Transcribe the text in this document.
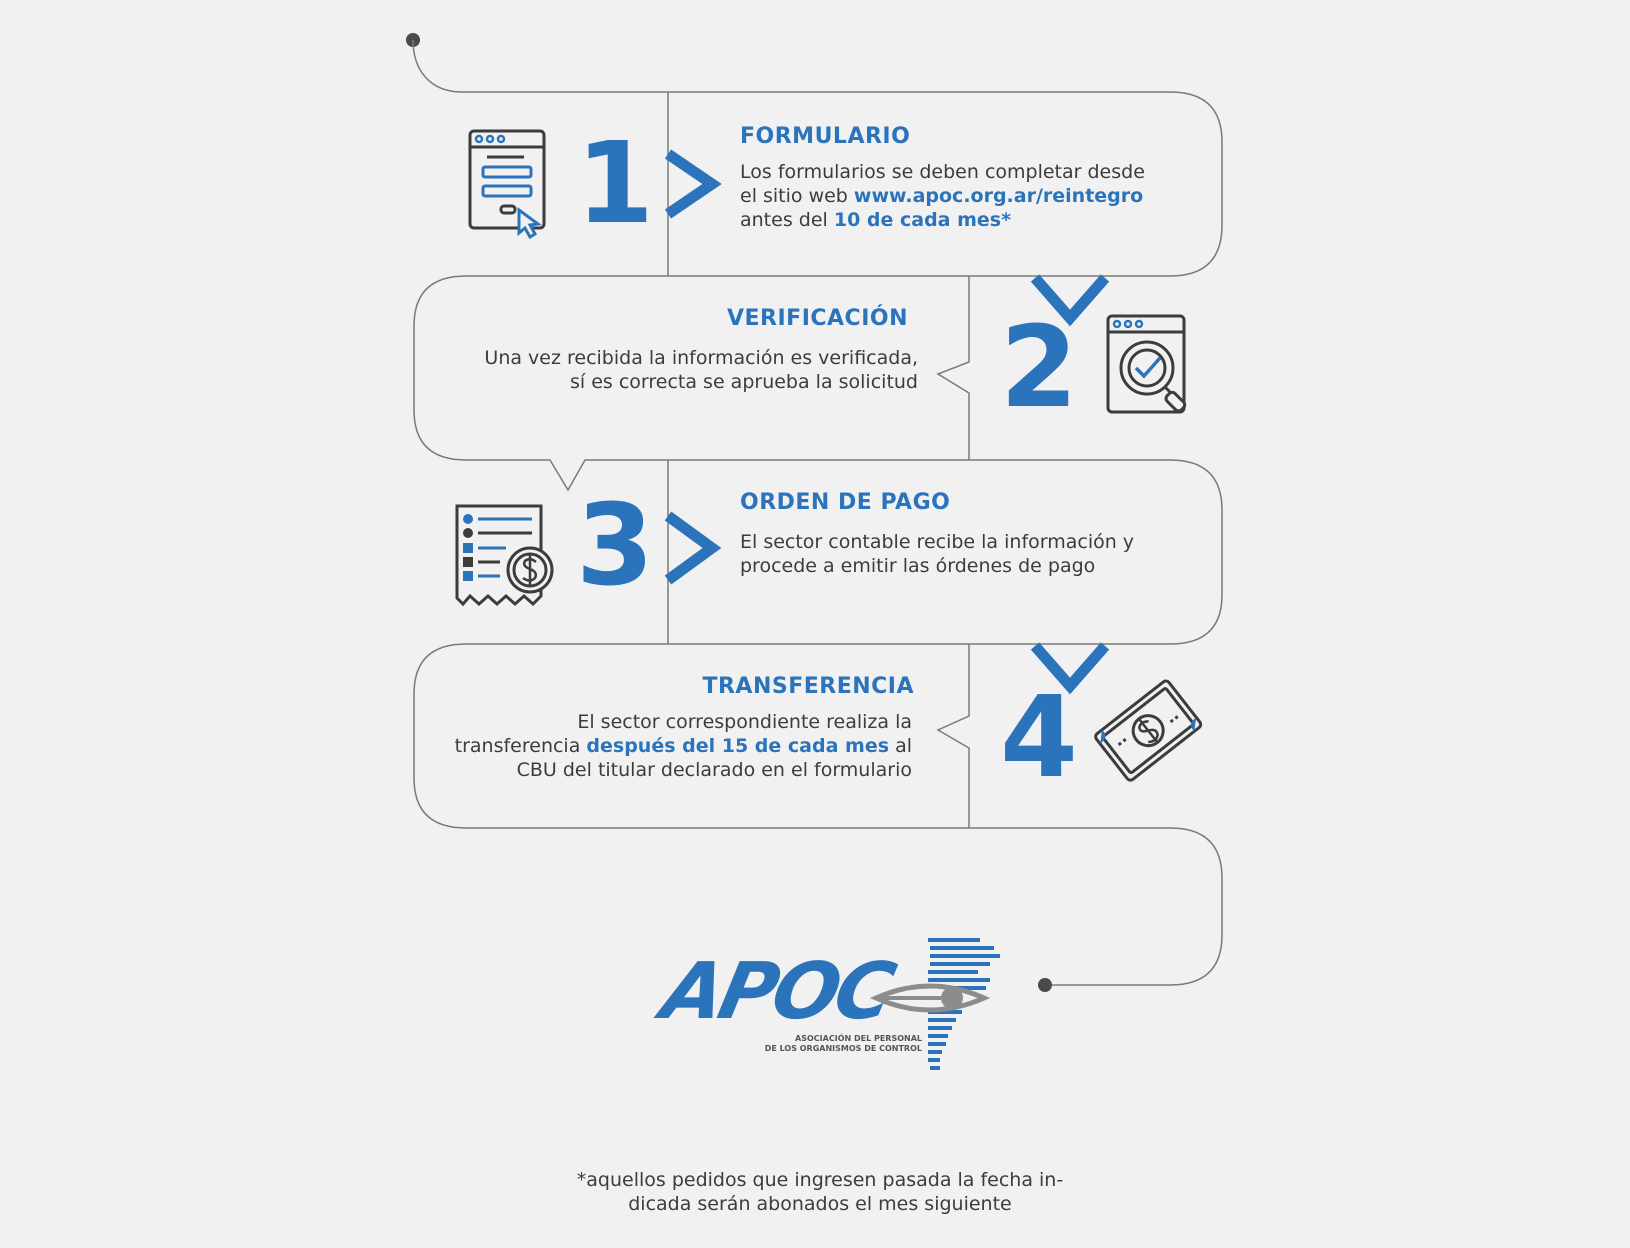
1	FORMULARIO
Los formularios se deben completar desde
el sitio web www.apoc.org.ar/reintegro
antes del 10 de cada mes*
2
VERIFICACIÓN
Una vez recibida la información es verificada,
sí es correcta se aprueba la solicitud
3	ORDEN DE PAGO
El sector contable recibe la información y
procede a emitir las órdenes de pago
4
TRANSFERENCIA
El sector correspondiente realiza la
transferencia después del 15 de cada mes al
CBU del titular declarado en el formulario
APOC
ASOCIACIÓN DEL PERSONAL
DE LOS ORGANISMOS DE CONTROL
*aquellos pedidos que ingresen pasada la fecha in-
dicada serán abonados el mes siguiente
